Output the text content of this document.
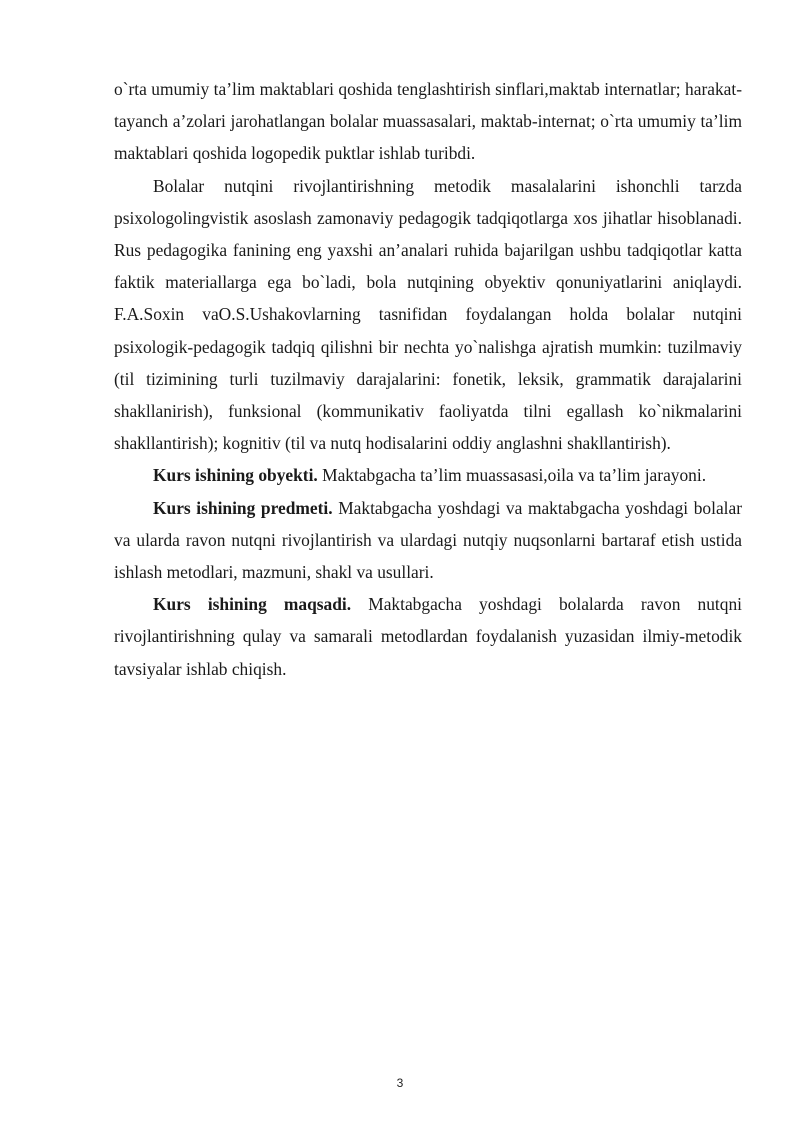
o`rta umumiy ta’lim maktablari qoshida tenglashtirish sinflari,maktab internatlar; harakat-tayanch a’zolari jarohatlangan bolalar muassasalari, maktab-internat; o`rta umumiy ta’lim maktablari qoshida logopedik puktlar ishlab turibdi.

Bolalar nutqini rivojlantirishning metodik masalalarini ishonchli tarzda psixologolingvistik asoslash zamonaviy pedagogik tadqiqotlarga xos jihatlar hisoblanadi. Rus pedagogika fanining eng yaxshi an’analari ruhida bajarilgan ushbu tadqiqotlar katta faktik materiallarga ega bo`ladi, bola nutqining obyektiv qonuniyatlarini aniqlaydi. F.A.Soxin vaO.S.Ushakovlarning tasnifidan foydalangan holda bolalar nutqini psixologik-pedagogik tadqiq qilishni bir nechta yo`nalishga ajratish mumkin: tuzilmaviy (til tizimining turli tuzilmaviy darajalarini: fonetik, leksik, grammatik darajalarini shakllanirish), funksional (kommunikativ faoliyatda tilni egallash ko`nikmalarini shakllantirish); kognitiv (til va nutq hodisalarini oddiy anglashni shakllantirish).

Kurs ishining obyekti. Maktabgacha ta’lim muassasasi,oila va ta’lim jarayoni.

Kurs ishining predmeti. Maktabgacha yoshdagi va maktabgacha yoshdagi bolalar va ularda ravon nutqni rivojlantirish va ulardagi nutqiy nuqsonlarni bartaraf etish ustida ishlash metodlari, mazmuni, shakl va usullari.

Kurs ishining maqsadi. Maktabgacha yoshdagi bolalarda ravon nutqni rivojlantirishning qulay va samarali metodlardan foydalanish yuzasidan ilmiy-metodik tavsiyalar ishlab chiqish.

3
